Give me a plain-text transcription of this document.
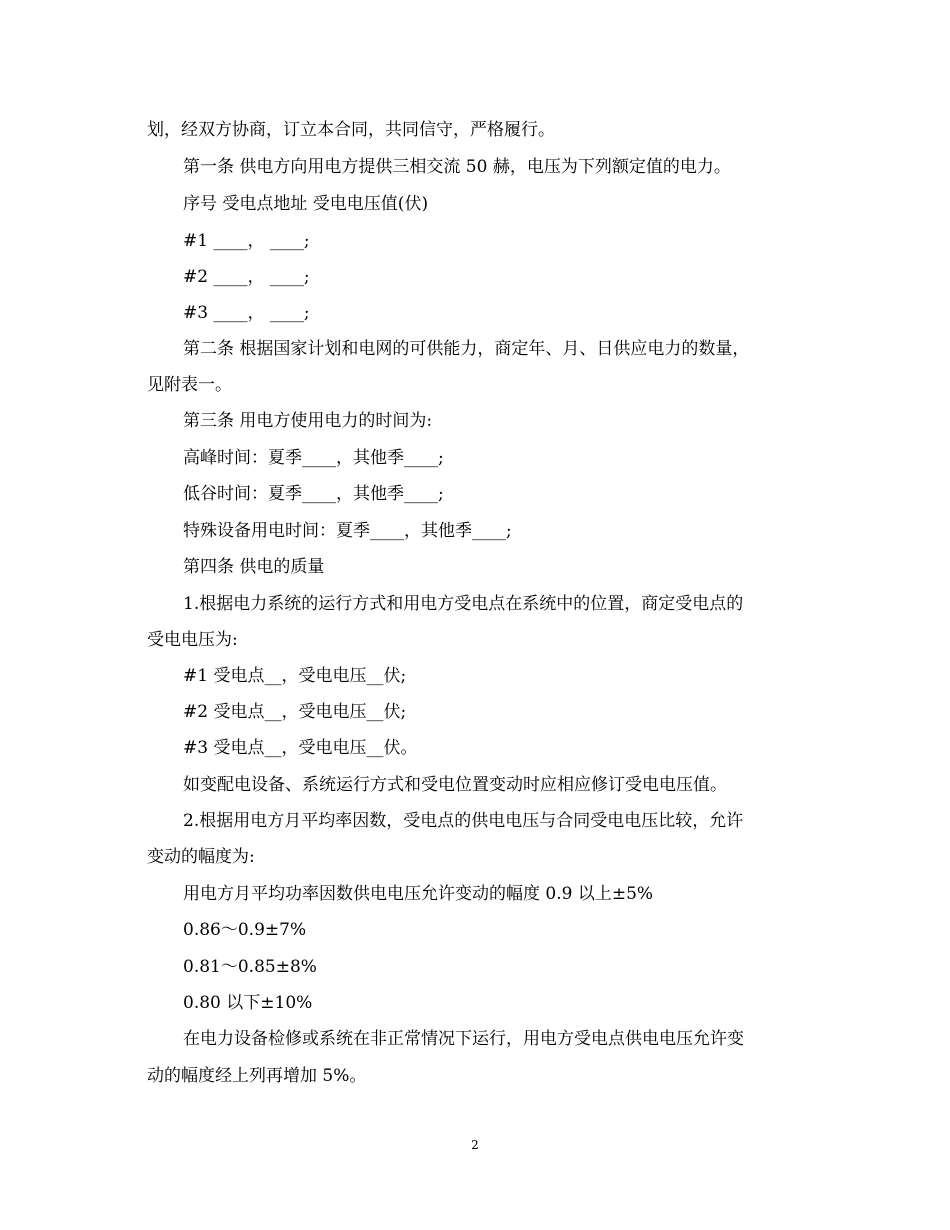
划，经双方协商，订立本合同，共同信守，严格履行。
第一条 供电方向用电方提供三相交流 50 赫，电压为下列额定值的电力。
序号 受电点地址 受电电压值(伏)
#1 ____， ____;
#2 ____， ____;
#3 ____， ____;
第二条 根据国家计划和电网的可供能力，商定年、月、日供应电力的数量，
见附表一。
第三条 用电方使用电力的时间为:
高峰时间：夏季____，其他季____;
低谷时间：夏季____，其他季____;
特殊设备用电时间：夏季____，其他季____;
第四条 供电的质量
1.根据电力系统的运行方式和用电方受电点在系统中的位置，商定受电点的
受电电压为:
#1 受电点__，受电电压__伏;
#2 受电点__，受电电压__伏;
#3 受电点__，受电电压__伏。
如变配电设备、系统运行方式和受电位置变动时应相应修订受电电压值。
2.根据用电方月平均率因数，受电点的供电电压与合同受电电压比较，允许
变动的幅度为:
用电方月平均功率因数供电电压允许变动的幅度 0.9 以上±5%
0.86～0.9±7%
0.81～0.85±8%
0.80 以下±10%
在电力设备检修或系统在非正常情况下运行，用电方受电点供电电压允许变
动的幅度经上列再增加 5%。
2
